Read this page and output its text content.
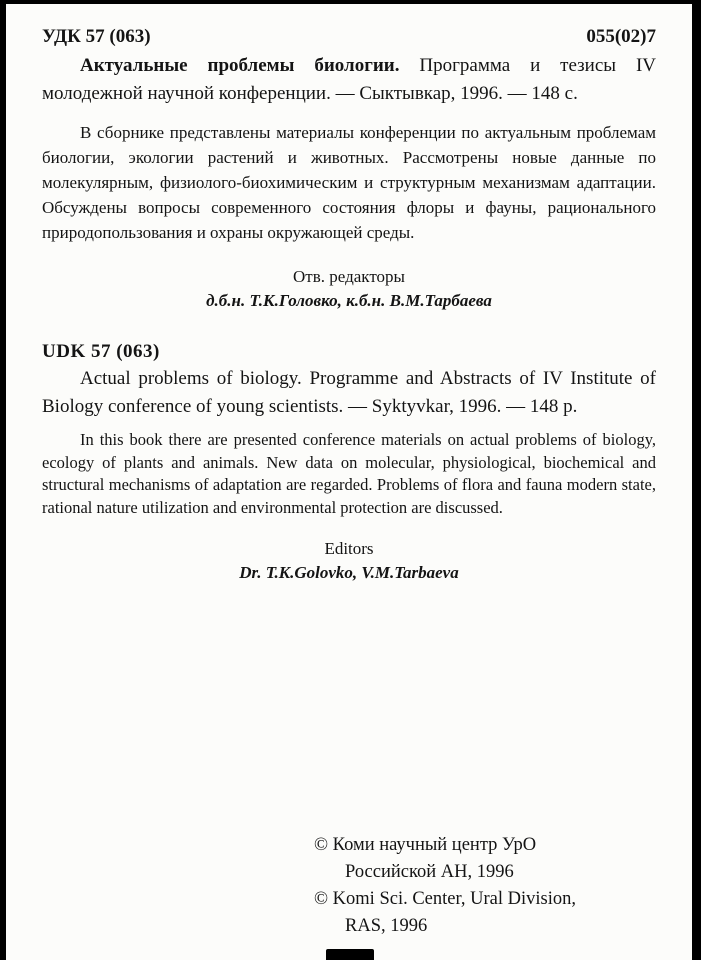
УДК 57 (063)	055(02)7

Актуальные проблемы биологии. Программа и тезисы IV молодежной научной конференции. — Сыктывкар, 1996. — 148 с.

В сборнике представлены материалы конференции по актуальным проблемам биологии, экологии растений и животных. Рассмотрены новые данные по молекулярным, физиолого-биохимическим и структурным механизмам адаптации. Обсуждены вопросы современного состояния флоры и фауны, рационального природопользования и охраны окружающей среды.

Отв. редакторы
д.б.н. Т.К.Головко, к.б.н. В.М.Тарбаева
UDK 57 (063)

Actual problems of biology. Programme and Abstracts of IV Institute of Biology conference of young scientists. — Syktyvkar, 1996. — 148 p.

In this book there are presented conference materials on actual problems of biology, ecology of plants and animals. New data on molecular, physiological, biochemical and structural mechanisms of adaptation are regarded. Problems of flora and fauna modern state, rational nature utilization and environmental protection are discussed.

Editors
Dr. T.K.Golovko, V.M.Tarbaeva
© Коми научный центр УрО
Российской АН, 1996
© Komi Sci. Center, Ural Division,
RAS, 1996
